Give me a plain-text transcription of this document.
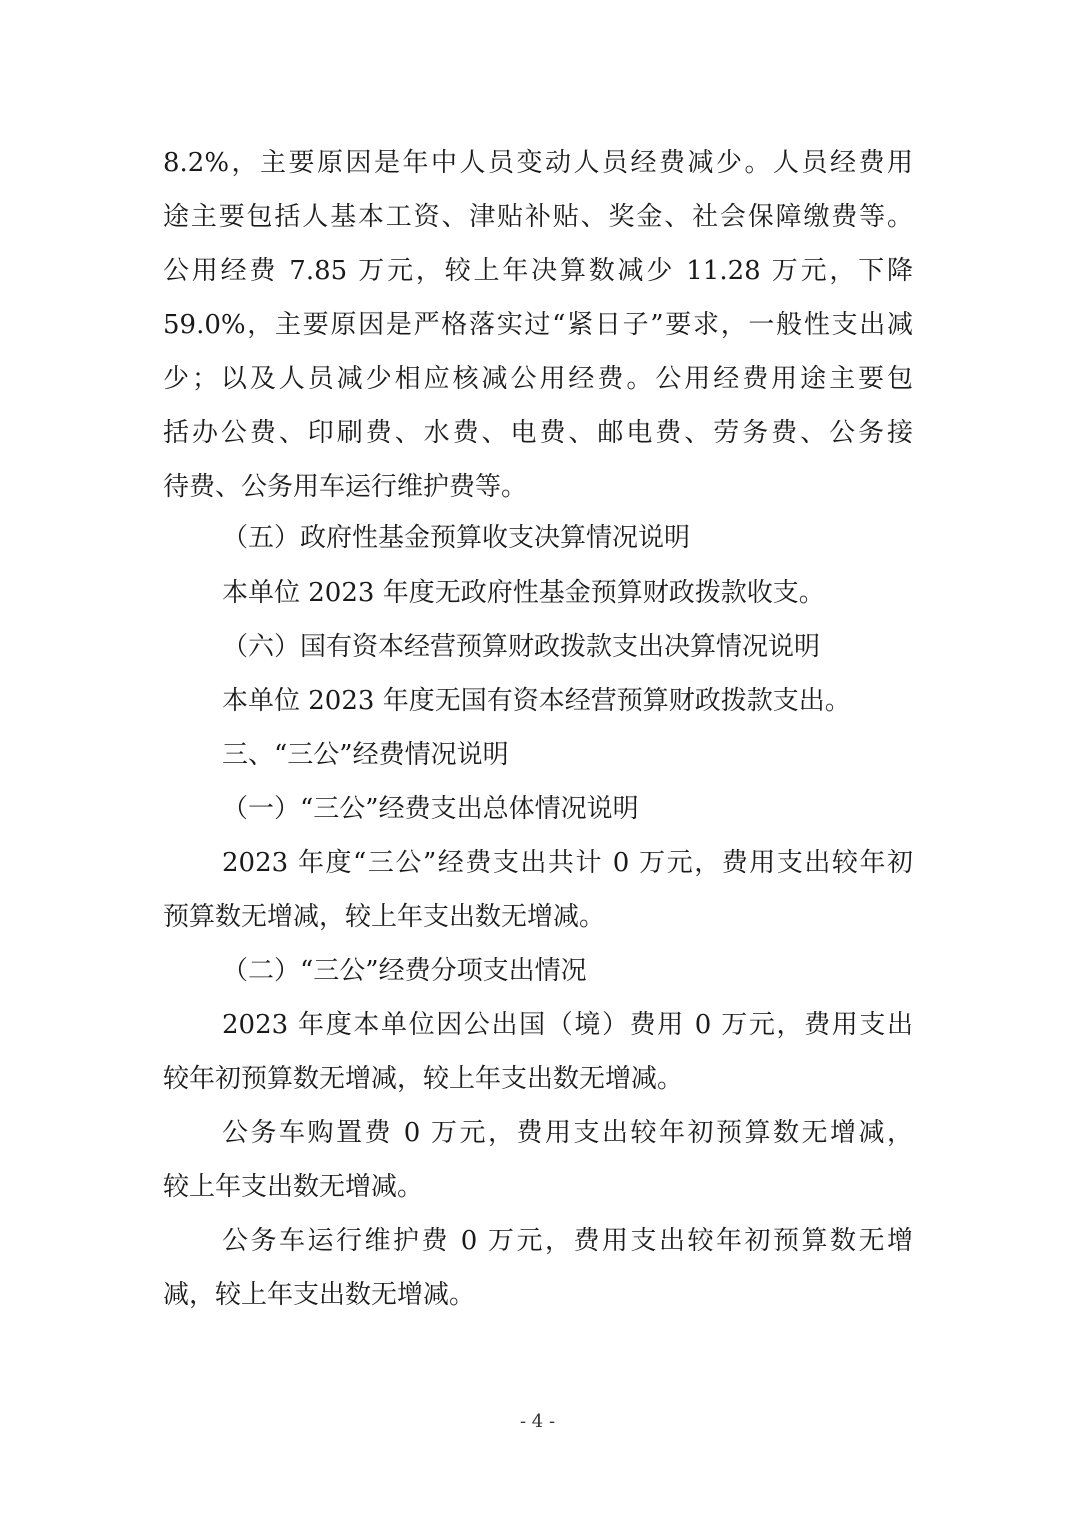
8.2%，主要原因是年中人员变动人员经费减少。人员经费用
途主要包括人基本工资、津贴补贴、奖金、社会保障缴费等。
公用经费 7.85 万元，较上年决算数减少 11.28 万元，下降
59.0%，主要原因是严格落实过“紧日子”要求，一般性支出减
少；以及人员减少相应核减公用经费。公用经费用途主要包
括办公费、印刷费、水费、电费、邮电费、劳务费、公务接
待费、公务用车运行维护费等。
（五）政府性基金预算收支决算情况说明
本单位 2023 年度无政府性基金预算财政拨款收支。
（六）国有资本经营预算财政拨款支出决算情况说明
本单位 2023 年度无国有资本经营预算财政拨款支出。
三、“三公”经费情况说明
（一）“三公”经费支出总体情况说明
2023 年度“三公”经费支出共计 0 万元，费用支出较年初
预算数无增减，较上年支出数无增减。
（二）“三公”经费分项支出情况
2023 年度本单位因公出国（境）费用 0 万元，费用支出
较年初预算数无增减，较上年支出数无增减。
公务车购置费 0 万元，费用支出较年初预算数无增减，
较上年支出数无增减。
公务车运行维护费 0 万元，费用支出较年初预算数无增
减，较上年支出数无增减。
- 4 -
